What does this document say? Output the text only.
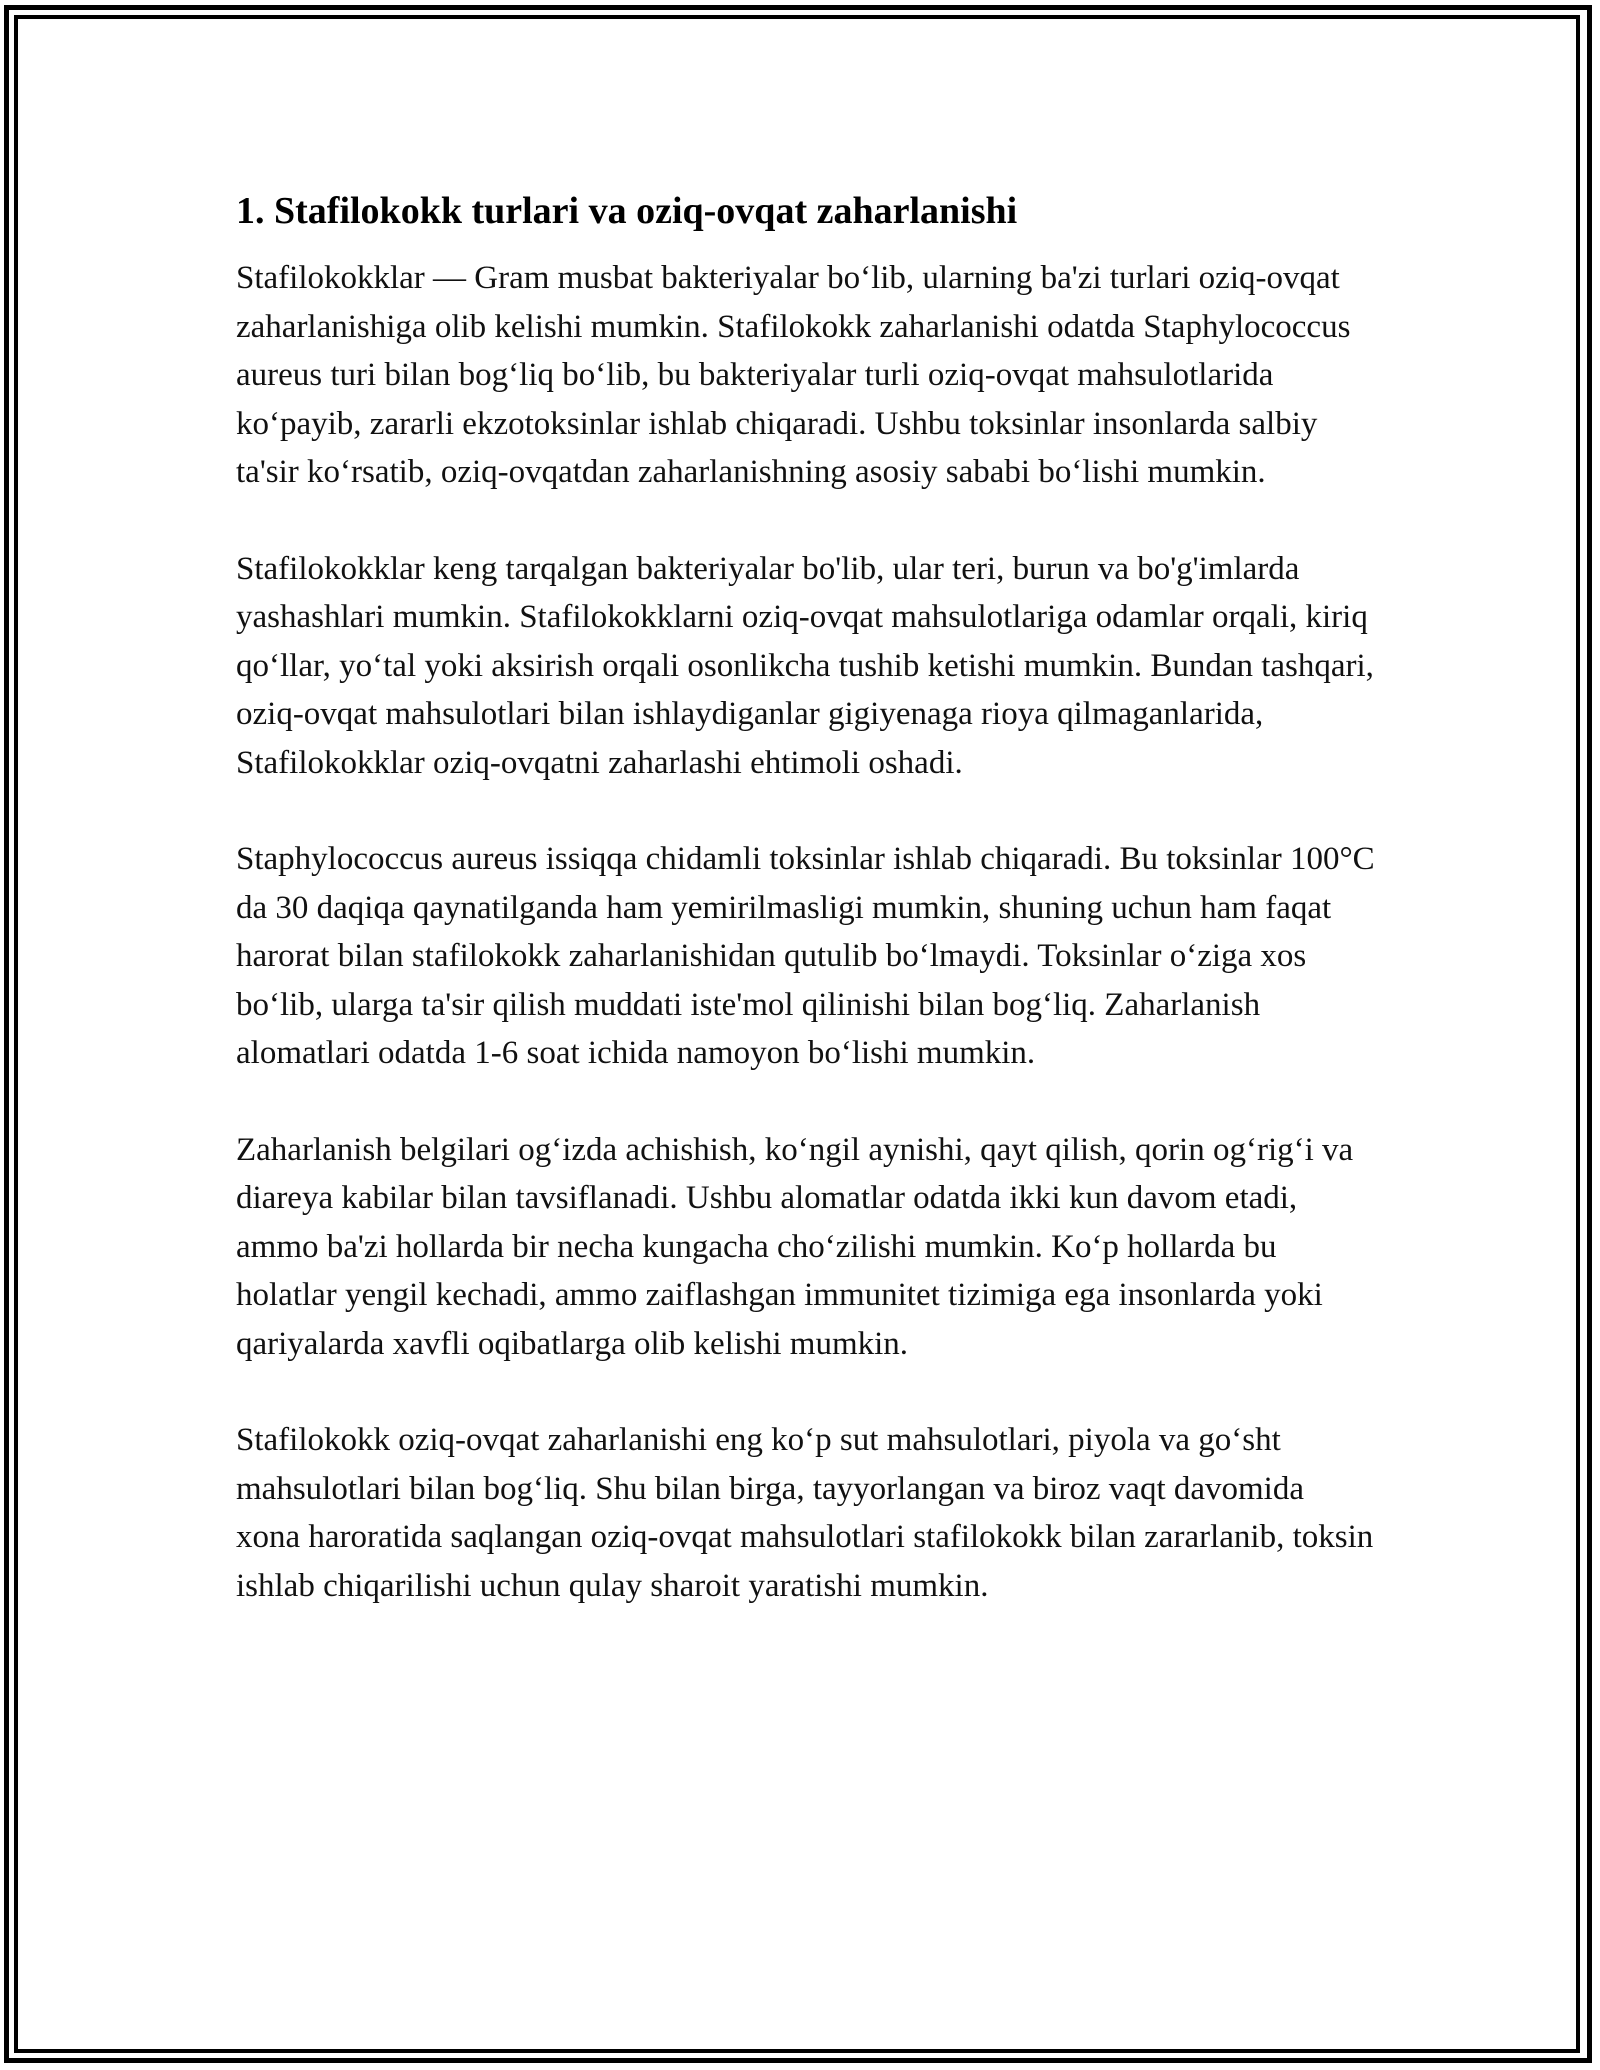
1. Stafilokokk turlari va oziq-ovqat zaharlanishi

Stafilokokklar — Gram musbat bakteriyalar bo‘lib, ularning ba'zi turlari oziq-ovqat zaharlanishiga olib kelishi mumkin. Stafilokokk zaharlanishi odatda Staphylococcus aureus turi bilan bog‘liq bo‘lib, bu bakteriyalar turli oziq-ovqat mahsulotlarida ko‘payib, zararli ekzotoksinlar ishlab chiqaradi. Ushbu toksinlar insonlarda salbiy ta'sir ko‘rsatib, oziq-ovqatdan zaharlanishning asosiy sababi bo‘lishi mumkin.

Stafilokokklar keng tarqalgan bakteriyalar bo'lib, ular teri, burun va bo'g'imlarda yashashlari mumkin. Stafilokokklarni oziq-ovqat mahsulotlariga odamlar orqali, kiriq qo‘llar, yo‘tal yoki aksirish orqali osonlikcha tushib ketishi mumkin. Bundan tashqari, oziq-ovqat mahsulotlari bilan ishlaydiganlar gigiyenaga rioya qilmaganlarida, Stafilokokklar oziq-ovqatni zaharlashi ehtimoli oshadi.

Staphylococcus aureus issiqqa chidamli toksinlar ishlab chiqaradi. Bu toksinlar 100°C da 30 daqiqa qaynatilganda ham yemirilmasligi mumkin, shuning uchun ham faqat harorat bilan stafilokokk zaharlanishidan qutulib bo‘lmaydi. Toksinlar o‘ziga xos bo‘lib, ularga ta'sir qilish muddati iste'mol qilinishi bilan bog‘liq. Zaharlanish alomatlari odatda 1-6 soat ichida namoyon bo‘lishi mumkin.

Zaharlanish belgilari og‘izda achishish, ko‘ngil aynishi, qayt qilish, qorin og‘rig‘i va diareya kabilar bilan tavsiflanadi. Ushbu alomatlar odatda ikki kun davom etadi, ammo ba'zi hollarda bir necha kungacha cho‘zilishi mumkin. Ko‘p hollarda bu holatlar yengil kechadi, ammo zaiflashgan immunitet tizimiga ega insonlarda yoki qariyalarda xavfli oqibatlarga olib kelishi mumkin.

Stafilokokk oziq-ovqat zaharlanishi eng ko‘p sut mahsulotlari, piyola va go‘sht mahsulotlari bilan bog‘liq. Shu bilan birga, tayyorlangan va biroz vaqt davomida xona haroratida saqlangan oziq-ovqat mahsulotlari stafilokokk bilan zararlanib, toksin ishlab chiqarilishi uchun qulay sharoit yaratishi mumkin.
